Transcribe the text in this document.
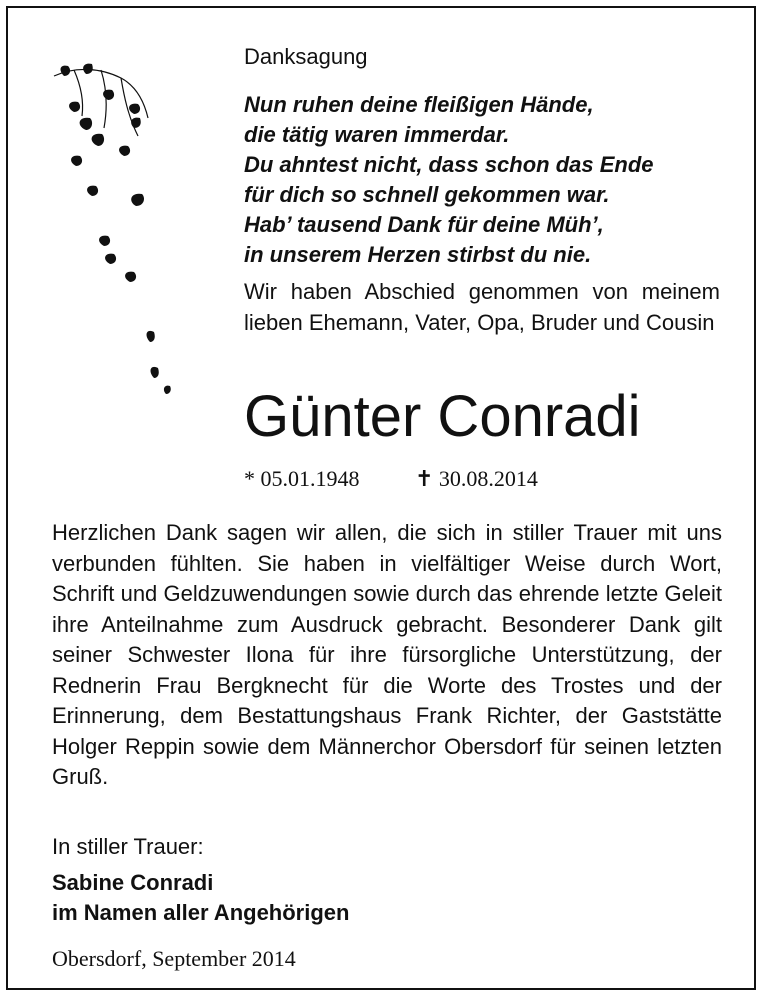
Danksagung
Nun ruhen deine fleißigen Hände,
die tätig waren immerdar.
Du ahntest nicht, dass schon das Ende
für dich so schnell gekommen war.
Hab’ tausend Dank für deine Müh’,
in unserem Herzen stirbst du nie.
Wir haben Abschied genommen von meinem lieben Ehemann, Vater, Opa, Bruder und Cousin
Günter Conradi
* 05.01.1948	✝ 30.08.2014
Herzlichen Dank sagen wir allen, die sich in stiller Trauer mit uns verbunden fühlten. Sie haben in vielfältiger Weise durch Wort, Schrift und Geldzuwendungen sowie durch das ehrende letzte Geleit ihre Anteilnahme zum Ausdruck gebracht. Besonderer Dank gilt seiner Schwester Ilona für ihre fürsorgliche Unterstützung, der Rednerin Frau Bergknecht für die Worte des Trostes und der Erinnerung, dem Bestattungshaus Frank Richter, der Gaststätte Holger Reppin sowie dem Männerchor Obersdorf für seinen letzten Gruß.
In stiller Trauer:
Sabine Conradi
im Namen aller Angehörigen
Obersdorf, September 2014
